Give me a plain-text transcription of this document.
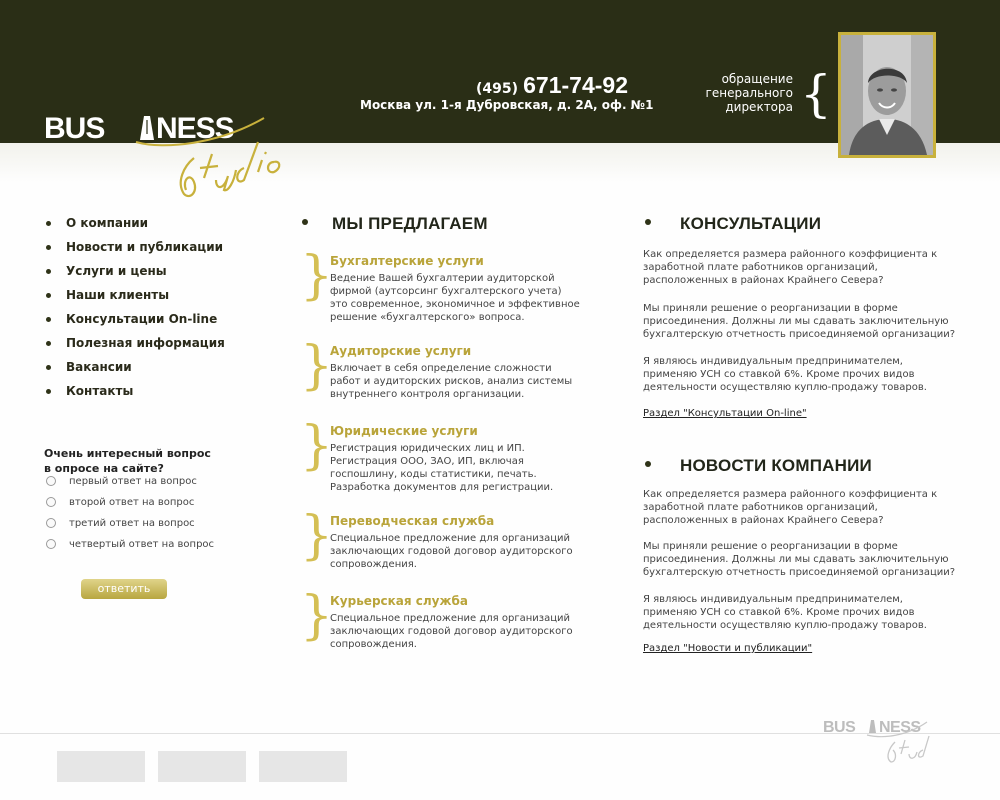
BUS NESS
(495) 671-74-92
Москва ул. 1-я Дубровская, д. 2А, оф. №1
обращение
генерального
директора {
О компании
Новости и публикации
Услуги и цены
Наши клиенты
Консультации On-line
Полезная информация
Вакансии
Контакты
Очень интересный вопрос
в опросе на сайте?
первый ответ на вопрос
второй ответ на вопрос
третий ответ на вопрос
четвертый ответ на вопрос
ответить
МЫ ПРЕДЛАГАЕМ
}
Бухгалтерские услуги
Ведение Вашей бухгалтерии аудиторской фирмой (аутсорсинг бухгалтерского учета) это современное, экономичное и эффективное решение «бухгалтерского» вопроса.
}
Аудиторские услуги
Включает в себя определение сложности работ и аудиторских рисков, анализ системы внутреннего контроля организации.
}
Юридические услуги
Регистрация юридических лиц и ИП. Регистрация ООО, ЗАО, ИП, включая госпошлину, коды статистики, печать. Разработка документов для регистрации.
}
Переводческая служба
Специальное предложение для организаций заключающих годовой договор аудиторского сопровождения.
}
Курьерская служба
Специальное предложение для организаций заключающих годовой договор аудиторского сопровождения.
КОНСУЛЬТАЦИИ
Как определяется размера районного коэффициента к заработной плате работников организаций, расположенных в районах Крайнего Севера?
Мы приняли решение о реорганизации в форме присоединения. Должны ли мы сдавать заключительную бухгалтерскую отчетность присоединяемой организации?
Я являюсь индивидуальным предпринимателем, применяю УСН со ставкой 6%. Кроме прочих видов деятельности осуществляю куплю-продажу товаров.
Раздел "Консультации On-line"
НОВОСТИ КОМПАНИИ
Как определяется размера районного коэффициента к заработной плате работников организаций, расположенных в районах Крайнего Севера?
Мы приняли решение о реорганизации в форме присоединения. Должны ли мы сдавать заключительную бухгалтерскую отчетность присоединяемой организации?
Я являюсь индивидуальным предпринимателем, применяю УСН со ставкой 6%. Кроме прочих видов деятельности осуществляю куплю-продажу товаров.
Раздел "Новости и публикации"
BUS NESS
